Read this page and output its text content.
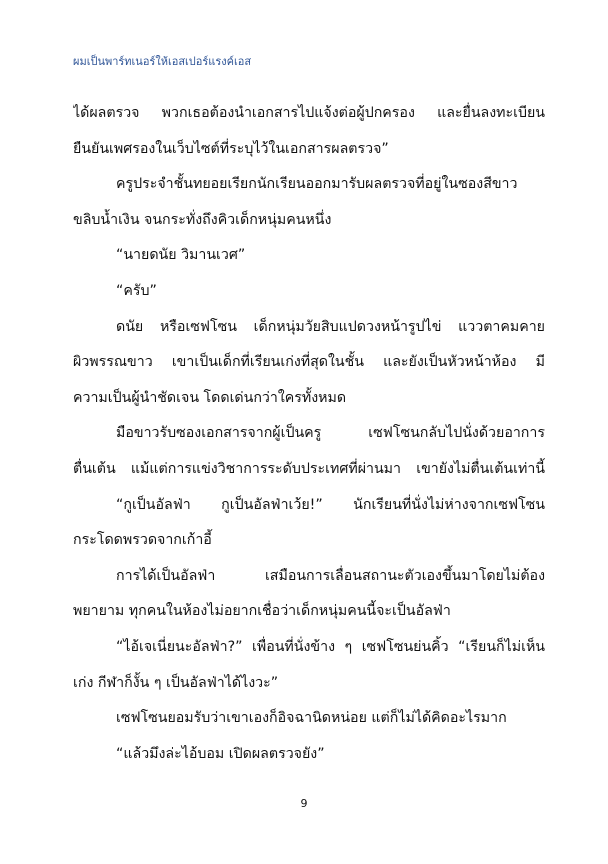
ผมเป็นพาร์ทเนอร์ให้เอสเปอร์แรงค์เอส
ได้ผลตรวจ พวกเธอต้องนำเอกสารไปแจ้งต่อผู้ปกครอง และยื่นลงทะเบียน
ยืนยันเพศรองในเว็บไซต์ที่ระบุไว้ในเอกสารผลตรวจ”
ครูประจำชั้นทยอยเรียกนักเรียนออกมารับผลตรวจที่อยู่ในซองสีขาว
ขลิบน้ำเงิน จนกระทั่งถึงคิวเด็กหนุ่มคนหนึ่ง
“นายดนัย วิมานเวศ”
“ครับ”
ดนัย หรือเซฟโซน เด็กหนุ่มวัยสิบแปดวงหน้ารูปไข่ แววตาคมคาย
ผิวพรรณขาว เขาเป็นเด็กที่เรียนเก่งที่สุดในชั้น และยังเป็นหัวหน้าห้อง มี
ความเป็นผู้นำชัดเจน โดดเด่นกว่าใครทั้งหมด
มือขาวรับซองเอกสารจากผู้เป็นครู เซฟโซนกลับไปนั่งด้วยอาการ
ตื่นเต้น แม้แต่การแข่งวิชาการระดับประเทศที่ผ่านมา เขายังไม่ตื่นเต้นเท่านี้
“กูเป็นอัลฟ่า กูเป็นอัลฟ่าเว้ย!” นักเรียนที่นั่งไม่ห่างจากเซฟโซน
กระโดดพรวดจากเก้าอี้
การได้เป็นอัลฟ่า เสมือนการเลื่อนสถานะตัวเองขึ้นมาโดยไม่ต้อง
พยายาม ทุกคนในห้องไม่อยากเชื่อว่าเด็กหนุ่มคนนี้จะเป็นอัลฟ่า
“ไอ้เจเนี่ยนะอัลฟ่า?” เพื่อนที่นั่งข้าง ๆ เซฟโซนย่นคิ้ว “เรียนก็ไม่เห็น
เก่ง กีฬาก็งั้น ๆ เป็นอัลฟ่าได้ไงวะ”
เซฟโซนยอมรับว่าเขาเองก็อิจฉานิดหน่อย แต่ก็ไม่ได้คิดอะไรมาก
“แล้วมึงล่ะไอ้บอม เปิดผลตรวจยัง”
9
